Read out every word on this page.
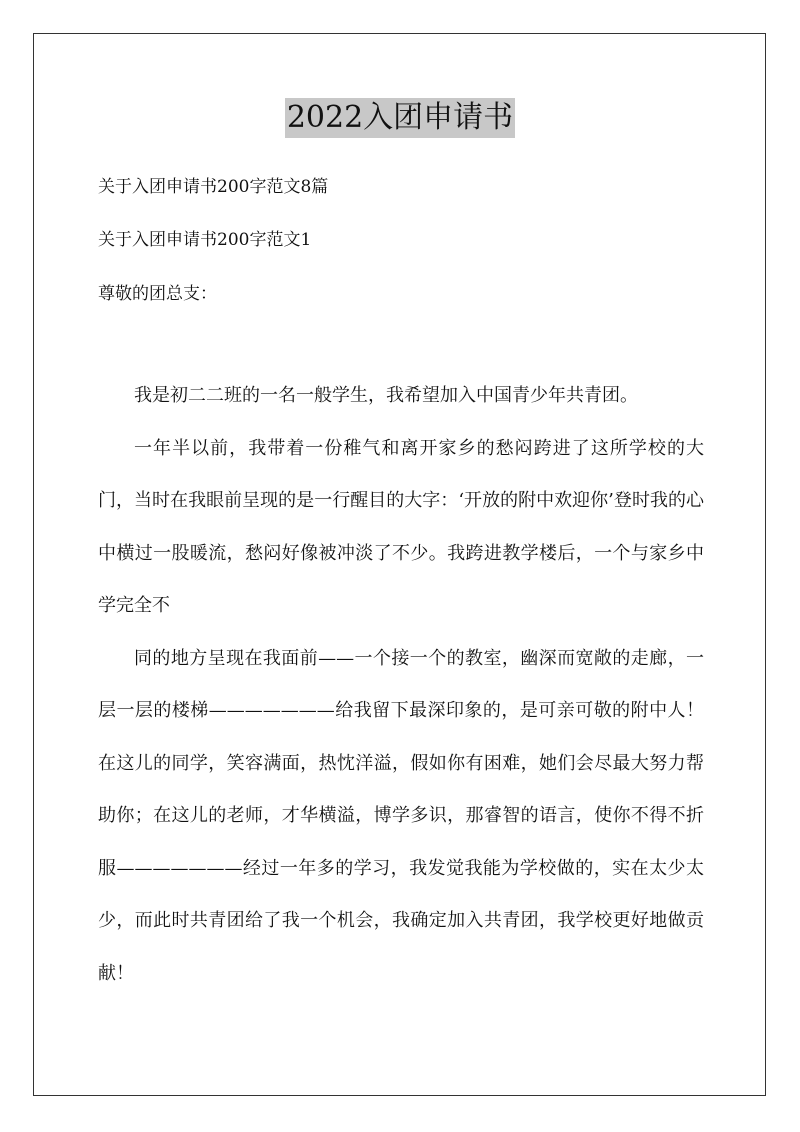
2022入团申请书
关于入团申请书200字范文8篇
关于入团申请书200字范文1
尊敬的团总支：

我是初二二班的一名一般学生，我希望加入中国青少年共青团。

一年半以前，我带着一份稚气和离开家乡的愁闷跨进了这所学校的大门，当时在我眼前呈现的是一行醒目的大字：‘开放的附中欢迎你’登时我的心中横过一股暖流，愁闷好像被冲淡了不少。我跨进教学楼后，一个与家乡中学完全不

同的地方呈现在我面前——一个接一个的教室，幽深而宽敞的走廊，一层一层的楼梯———————给我留下最深印象的，是可亲可敬的附中人！在这儿的同学，笑容满面，热忱洋溢，假如你有困难，她们会尽最大努力帮助你；在这儿的老师，才华横溢，博学多识，那睿智的语言，使你不得不折服———————经过一年多的学习，我发觉我能为学校做的，实在太少太少，而此时共青团给了我一个机会，我确定加入共青团，我学校更好地做贡献！
